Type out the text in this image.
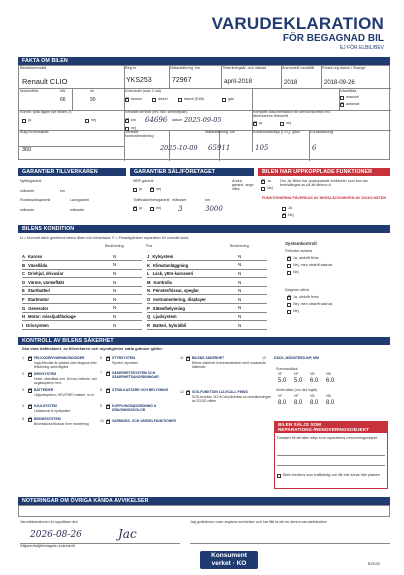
VARUDEKLARATION
FÖR BEGAGNAD BIL
EJ FÖR ELBIL/BEV
FAKTA OM BILEN
Bilmärke/modell
Renault CLIO
Reg.nr
YKS253
Mätarställning, km
72967
Tillverkningsår- och månad
april-2018
Årsmodell/ modellår
2018
Första reg.datum i Sverige
2018-09-26
Motoreffekt	kW	hk
66	90
Drivmedel (max 2 val)
✕
bensin	diesel	etanol (E85)	gas
Växellåda
manuell
✕
automat
Komm: tyda ägare (se bilden 2)
ja	nej
Senaste service (enl. tillv. serviceplan)
✕
km 64696 datum 2025-09-05
nej
Komplett dokumentation för service/kontroll enl. tillverkarens föreskrift
✕
ja	nej
Senaste kontrollbesiktning
2025-10-09
Mätarställning, km
65911
Koldioxidutsläpp (CO₂), g/km
105
Euroklassning
6
Årlig fordonsskatt
360
GARANTIER TILLVERKAREN	GARANTIER SÄLJFÖRETAGET	BILEN HAR UPPKOPPLADE FUNKTIONER
Nybilsgaranti
månader	km
Rostskyddsgaranti	Lackgaranti
månader	månader
MRF-garanti
ja ✕	nej
Trafiksäkerhetsgaranti
✕
ja	nej
månader
3
km
3000
Andra garanti, ange vilka
✕
Ja
Nej
Om Ja: Bilen har uppkopplade funktioner som kan tas bort/stängas av på att lämna ut
FUNKTIONERNA PÅVERKAS AV NEDSLÄCKNINGEN AV 2G/3G-NÄTEN
Ja
✕
Nej
BILENS KONDITION
N = Normalt skick gentemot bilens ålder och körsträcka, F = Felaktig/kräver reparation för normalt skick
Bedömning	Pos	Bedömning
A Kaross	N
B Växellåda	N
C Drivhjul, drivaxlar	N
D Värme, värmefläkt	N
E Startbatteri	N
F Startmotor	N
G Generator	N
H Motor: missljud/läckage	N
I Drivsystem	N
J Kylsystem	N
K Klimatanläggning	N
L Lack, yttre karosseri	N
M Kontrolla	N
N Fönster/hissar, speglar	N
O Instrumentering, displayer	N
P Säten/belysning	N
Q Ljudsystem	N
R Batteri, hybridbil	N
Systemkontroll
Felkoder avlästa
✕
Ja, utskrift finns
Nej, men utskrift saknas
Nej
Diagnos utförd
✕
Ja, utskrift finns
Nej, men utskrift saknas
Nej
KONTROLL AV BILENS SÄKERHET
Ska vara trafiksäkert, av tillverkaren och myndigheter satta gränser gäller:
1 ✕	FELKODER/VARNINGSDIODER
Inga felkoder är släckta utan diagnos eller felsökning samt åtgärd
2 ✕	DRIVSYSTEM
Hoter, växellåda mm. Drivna, bränsle- och avgassystem m.m.
3 ✕	BATTERIER
Lågvoltsystem, HEV/PHEV batteri, m.m.
4 ✕	HJULSYSTEM
Länkarmar & hjulsystem
5 ✕	BROMSSYSTEM
Bromsskivor/klossar över monitering
6 ✕	STYRSYSTEM
Styrled, styrväxel
7 ✕	SÄKERHETSSYSTEM OCH SÄKERHETSANORDNINGAR
8 ✕	STRÅLKASTARE OCH BELYSNING
9 ✕	KOPPLINGSANORDNING & DRAGNINGSÖGLOR
10 ✕ VARNINGS- OCH VARSELFUNKTIONER
11 ✕ BILENS SÄKERHET
Bilens säkerhet överensstämmer med nuvarande bildtester
12 ✕ SOS-FUNKTION 112-ECALL FINNS
SOS-funktion 112-eCall påverkas av nedsläckningen av 2G/3G-näten
13 DÄCK, MÖNSTERDJUP, MM
Sommardäck
VF
5.0
HF
5.0
VB
6.0
HB
6.0
Vinterdäck (om det ingår)
VF
8.0
HF
8.0
VB
8.0
HB
8.0
BILEN SÄLJS SOM REPARATIONS-/RENOVERINGSOBJEKT
Orsaken till att bilen säljs som reparations-/renoveringsobjekt:
Bilen bedöms som trafikfarlig och får inte köras från platsen
NOTERINGAR OM ÖVRIGA KÄNDA AVVIKELSER
Varudeklarationen är upprättad den
2026-08-26	Jac
Säljaren/säljföretagets underskrift
Jag godkänner ovan angivna avvikelser och har fått ta del av denna varudeklaration
Konsument
verket · KO	BVD25
